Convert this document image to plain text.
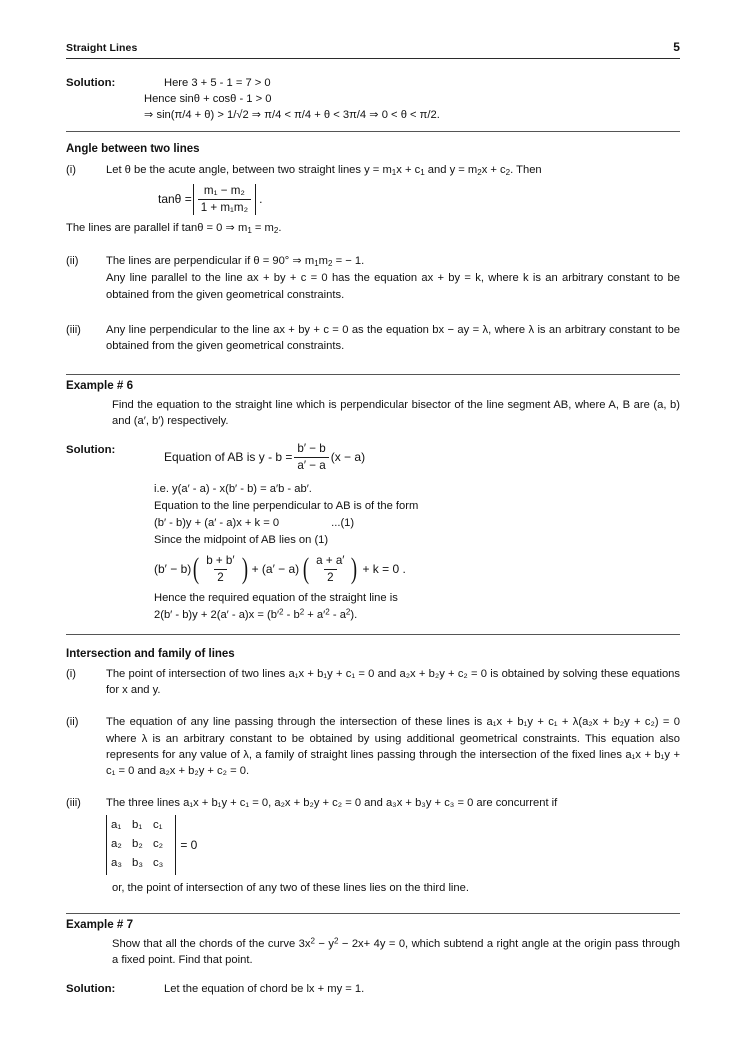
Straight Lines	5
Solution:	Here 3 + 5 - 1 = 7 > 0
Hence sinθ + cosθ - 1 > 0
⇒ sin(π/4 + θ) > 1/√2 ⇒ π/4 < π/4 + θ < 3π/4 ⇒ 0 < θ < π/2.
Angle between two lines
(i)	Let θ be the acute angle, between two straight lines $y = m_1x + c_1$ and $y = m_2x + c_2$. Then
$\tan\theta = \frac{\text{m₁ − m₂}}{\text{1 + m₁m₂}}$ .
The lines are parallel if tanθ = 0 ⇒ $m_1 = m_2$.
(ii)	The lines are perpendicular if θ = 90° ⇒ $m_1m_2$ = − 1.
Any line parallel to the line ax + by + c = 0 has the equation ax + by = k, where k is an arbitrary constant to be obtained from the given geometrical constraints.
(iii)	Any line perpendicular to the line ax + by + c = 0 as the equation bx − ay = λ, where λ is an arbitrary constant to be obtained from the given geometrical constraints.
Example # 6
Find the equation to the straight line which is perpendicular bisector of the line segment AB, where A, B are (a, b) and (a′, b′) respectively.
Solution:
Equation of AB is $y - b = \frac{b' - b}{a' - a} (x - a)$
i.e. y(a′ - a) - x(b′ - b) = a′b - ab′.
Equation to the line perpendicular to AB is of the form
(b′ - b)y + (a′ - a)x + k = 0	...(1)
Since the midpoint of AB lies on (1)
(b′ − b) ( $\frac{b + b'}{2}$ ) + (a′ − a) ( $\frac{a + a'}{2}$ ) + k = 0 .
Hence the required equation of the straight line is
$2(b' - b)y + 2(a' - a)x = (b'^2 - b^2 + a'^2 - a^2)$.
Intersection and family of lines
(i)	The point of intersection of two lines a₁x + b₁y + c₁ = 0 and a₂x + b₂y + c₂ = 0 is obtained by solving these equations for x and y.
(ii)	The equation of any line passing through the intersection of these lines is a₁x + b₁y + c₁ + λ(a₂x + b₂y + c₂) = 0 where λ is an arbitrary constant to be obtained by using additional geometrical constraints. This equation also represents for any value of λ, a family of straight lines passing through the intersection of the fixed lines a₁x + b₁y + c₁ = 0 and a₂x + b₂y + c₂ = 0.
(iii)	The three lines a₁x + b₁y + c₁ = 0, a₂x + b₂y + c₂ = 0 and a₃x + b₃y + c₃ = 0 are concurrent if
a₁	b₁	c₁
a₂	b₂	c₂
a₃	b₃	c₃
= 0
or, the point of intersection of any two of these lines lies on the third line.
Example # 7
Show that all the chords of the curve $3x^2 - y^2 - 2x+ 4y = 0$, which subtend a right angle at the origin pass through a fixed point. Find that point.
Solution:	Let the equation of chord be lx + my = 1.
